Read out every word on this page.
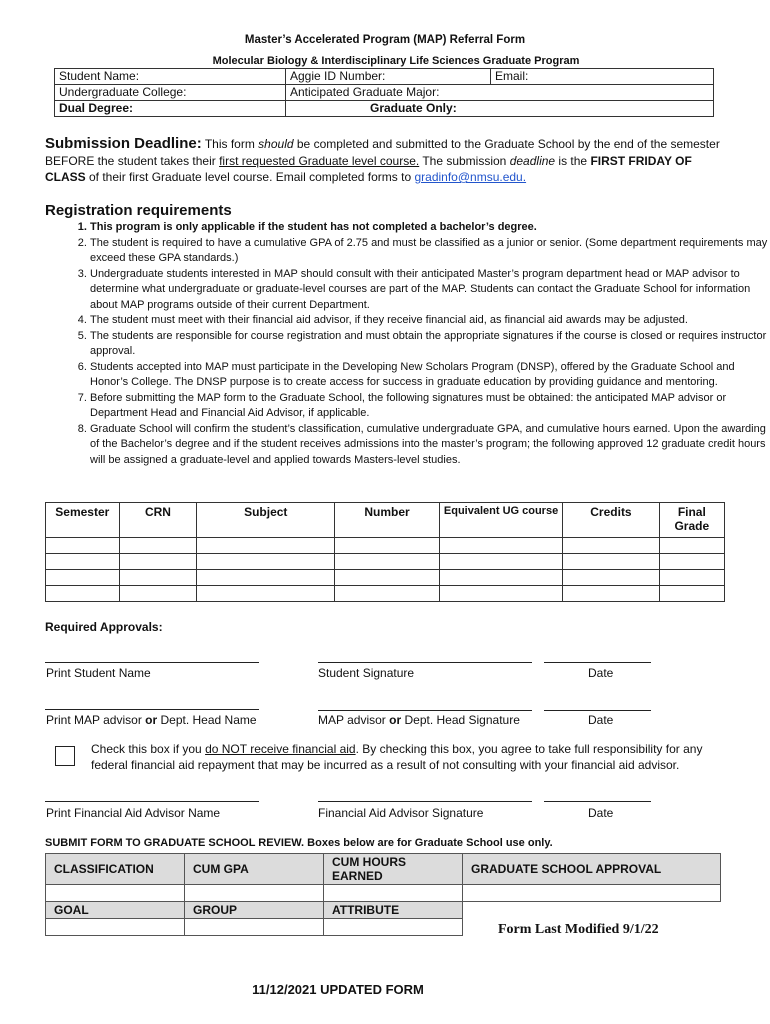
Master’s Accelerated Program (MAP) Referral Form
Molecular Biology & Interdisciplinary Life Sciences Graduate Program
Student Name:	Aggie ID Number:	Email:
Undergraduate College:	Anticipated Graduate Major:	
Dual Degree:	Graduate Only:	
Submission Deadline: This form should be completed and submitted to the Graduate School by the end of the semester BEFORE the student takes their first requested Graduate level course. The submission deadline is the FIRST FRIDAY OF CLASS of their first Graduate level course. Email completed forms to gradinfo@nmsu.edu.
Registration requirements
1. This program is only applicable if the student has not completed a bachelor’s degree.
2. The student is required to have a cumulative GPA of 2.75 and must be classified as a junior or senior. (Some department requirements may exceed these GPA standards.)
3. Undergraduate students interested in MAP should consult with their anticipated Master’s program department head or MAP advisor to determine what undergraduate or graduate-level courses are part of the MAP. Students can contact the Graduate School for information about MAP programs outside of their current Department.
4. The student must meet with their financial aid advisor, if they receive financial aid, as financial aid awards may be adjusted.
5. The students are responsible for course registration and must obtain the appropriate signatures if the course is closed or requires instructor approval.
6. Students accepted into MAP must participate in the Developing New Scholars Program (DNSP), offered by the Graduate School and Honor’s College. The DNSP purpose is to create access for success in graduate education by providing guidance and mentoring.
7. Before submitting the MAP form to the Graduate School, the following signatures must be obtained: the anticipated MAP advisor or Department Head and Financial Aid Advisor, if applicable.
8. Graduate School will confirm the student’s classification, cumulative undergraduate GPA, and cumulative hours earned. Upon the awarding of the Bachelor’s degree and if the student receives admissions into the master’s program; the following approved 12 graduate credit hours will be assigned a graduate-level and applied towards Masters-level studies.
Semester	CRN	Subject	Number	Equivalent UG course	Credits	Final Grade

Required Approvals:
Print Student Name	Student Signature	Date
Print MAP advisor or Dept. Head Name	MAP advisor or Dept. Head Signature	Date
Check this box if you do NOT receive financial aid. By checking this box, you agree to take full responsibility for any federal financial aid repayment that may be incurred as a result of not consulting with your financial aid advisor.
Print Financial Aid Advisor Name	Financial Aid Advisor Signature	Date
SUBMIT FORM TO GRADUATE SCHOOL REVIEW. Boxes below are for Graduate School use only.
CLASSIFICATION	CUM GPA	CUM HOURS EARNED	GRADUATE SCHOOL APPROVAL

GOAL	GROUP	ATTRIBUTE	

Form Last Modified 9/1/22
11/12/2021 UPDATED FORM
